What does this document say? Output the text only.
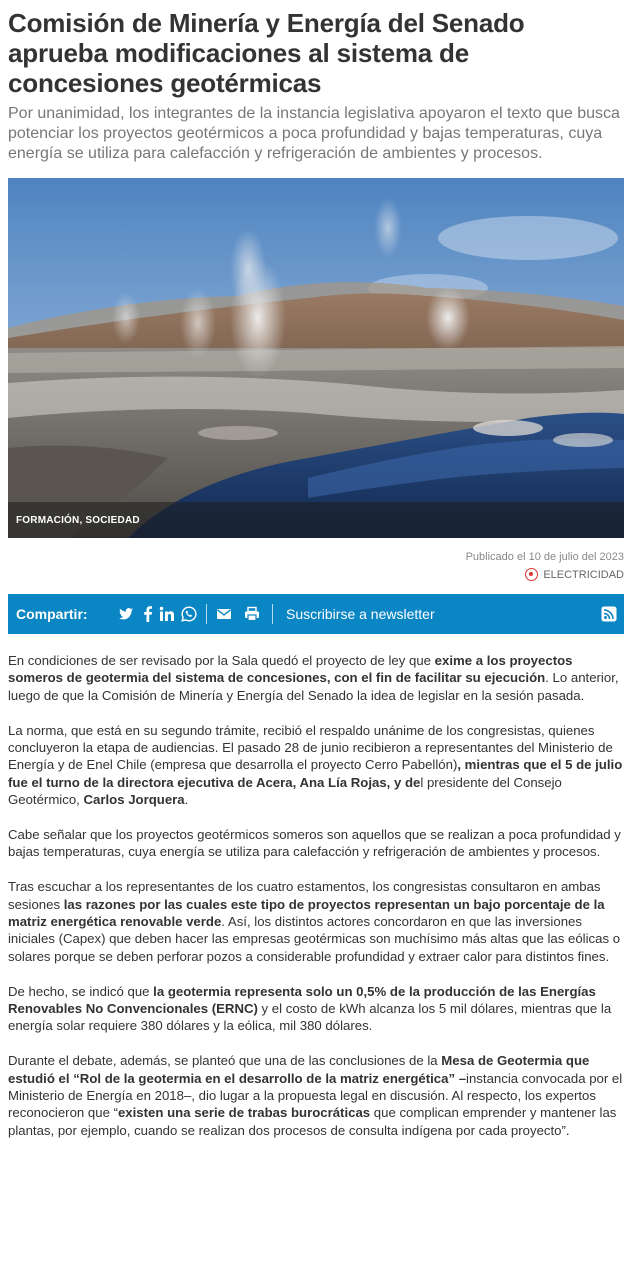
Comisión de Minería y Energía del Senado aprueba modificaciones al sistema de concesiones geotérmicas

Por unanimidad, los integrantes de la instancia legislativa apoyaron el texto que busca potenciar los proyectos geotérmicos a poca profundidad y bajas temperaturas, cuya energía se utiliza para calefacción y refrigeración de ambientes y procesos.

FORMACIÓN, SOCIEDAD
Publicado el 10 de julio del 2023
ELECTRICIDAD
Compartir:	Suscribirse a newsletter

En condiciones de ser revisado por la Sala quedó el proyecto de ley que exime a los proyectos someros de geotermia del sistema de concesiones, con el fin de facilitar su ejecución. Lo anterior, luego de que la Comisión de Minería y Energía del Senado la idea de legislar en la sesión pasada.

La norma, que está en su segundo trámite, recibió el respaldo unánime de los congresistas, quienes concluyeron la etapa de audiencias. El pasado 28 de junio recibieron a representantes del Ministerio de Energía y de Enel Chile (empresa que desarrolla el proyecto Cerro Pabellón), mientras que el 5 de julio fue el turno de la directora ejecutiva de Acera, Ana Lía Rojas, y del presidente del Consejo Geotérmico, Carlos Jorquera.

Cabe señalar que los proyectos geotérmicos someros son aquellos que se realizan a poca profundidad y bajas temperaturas, cuya energía se utiliza para calefacción y refrigeración de ambientes y procesos.

Tras escuchar a los representantes de los cuatro estamentos, los congresistas consultaron en ambas sesiones las razones por las cuales este tipo de proyectos representan un bajo porcentaje de la matriz energética renovable verde. Así, los distintos actores concordaron en que las inversiones iniciales (Capex) que deben hacer las empresas geotérmicas son muchísimo más altas que las eólicas o solares porque se deben perforar pozos a considerable profundidad y extraer calor para distintos fines.

De hecho, se indicó que la geotermia representa solo un 0,5% de la producción de las Energías Renovables No Convencionales (ERNC) y el costo de kWh alcanza los 5 mil dólares, mientras que la energía solar requiere 380 dólares y la eólica, mil 380 dólares.

Durante el debate, además, se planteó que una de las conclusiones de la Mesa de Geotermia que estudió el “Rol de la geotermia en el desarrollo de la matriz energética” –instancia convocada por el Ministerio de Energía en 2018–, dio lugar a la propuesta legal en discusión. Al respecto, los expertos reconocieron que “existen una serie de trabas burocráticas que complican emprender y mantener las plantas, por ejemplo, cuando se realizan dos procesos de consulta indígena por cada proyecto”.
